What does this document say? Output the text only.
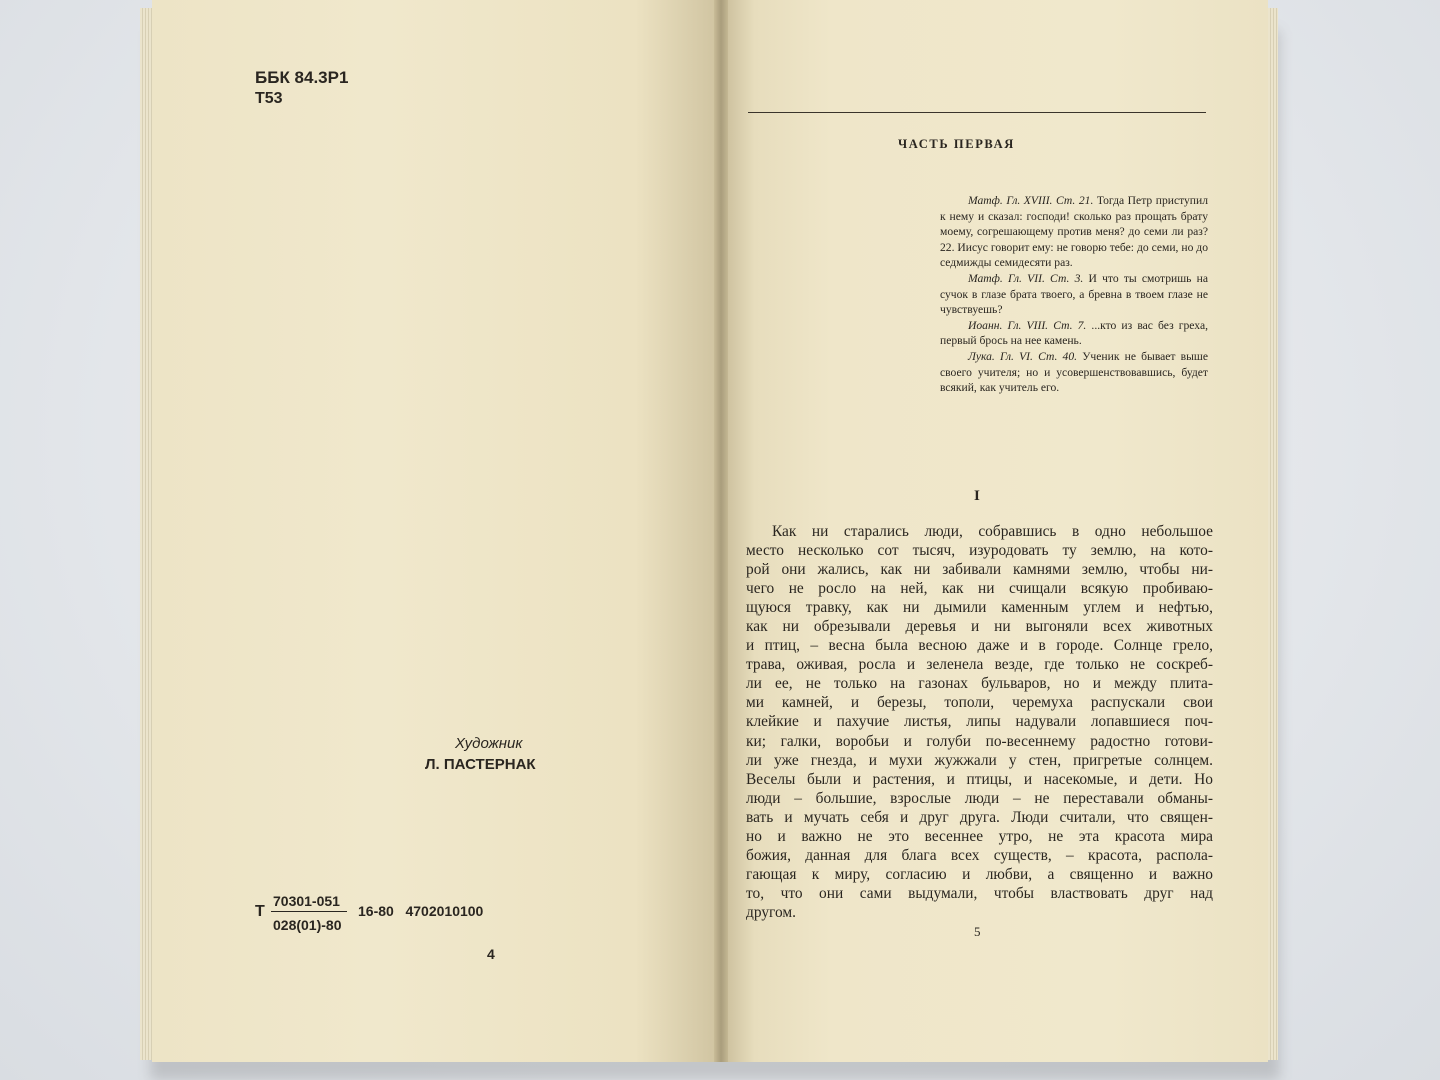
ББК 84.3Р1

Т53

Художник

Л. ПАСТЕРНАК

Т

70301-051

028(01)-80

16-80   4702010100

4

ЧАСТЬ ПЕРВАЯ

Матф. Гл. XVIII. Ст. 21. Тогда Петр приступил к нему и сказал: господи! сколько раз прощать брату моему, согрешающему против меня? до семи ли раз? 22. Иисус говорит ему: не говорю тебе: до семи, но до седмижды семидесяти раз.

Матф. Гл. VII. Ст. 3. И что ты смотришь на сучок в глазе брата твоего, а бревна в твоем глазе не чувствуешь?

Иоанн. Гл. VIII. Ст. 7. ...кто из вас без греха, первый брось на нее камень.

Лука. Гл. VI. Ст. 40. Ученик не бывает выше своего учителя; но и усовершенствовавшись, будет всякий, как учитель его.

I

Как ни старались люди, собравшись в одно небольшое
место несколько сот тысяч, изуродовать ту землю, на кото-
рой они жались, как ни забивали камнями землю, чтобы ни-
чего не росло на ней, как ни счищали всякую пробиваю-
щуюся травку, как ни дымили каменным углем и нефтью,
как ни обрезывали деревья и ни выгоняли всех животных
и птиц, – весна была весною даже и в городе. Солнце грело,
трава, оживая, росла и зеленела везде, где только не соскреб-
ли ее, не только на газонах бульваров, но и между плита-
ми камней, и березы, тополи, черемуха распускали свои
клейкие и пахучие листья, липы надували лопавшиеся поч-
ки; галки, воробьи и голуби по-весеннему радостно готови-
ли уже гнезда, и мухи жужжали у стен, пригретые солнцем.
Веселы были и растения, и птицы, и насекомые, и дети. Но
люди – большие, взрослые люди – не переставали обманы-
вать и мучать себя и друг друга. Люди считали, что священ-
но и важно не это весеннее утро, не эта красота мира
божия, данная для блага всех существ, – красота, распола-
гающая к миру, согласию и любви, а священно и важно
то, что они сами выдумали, чтобы властвовать друг над
другом.

5
